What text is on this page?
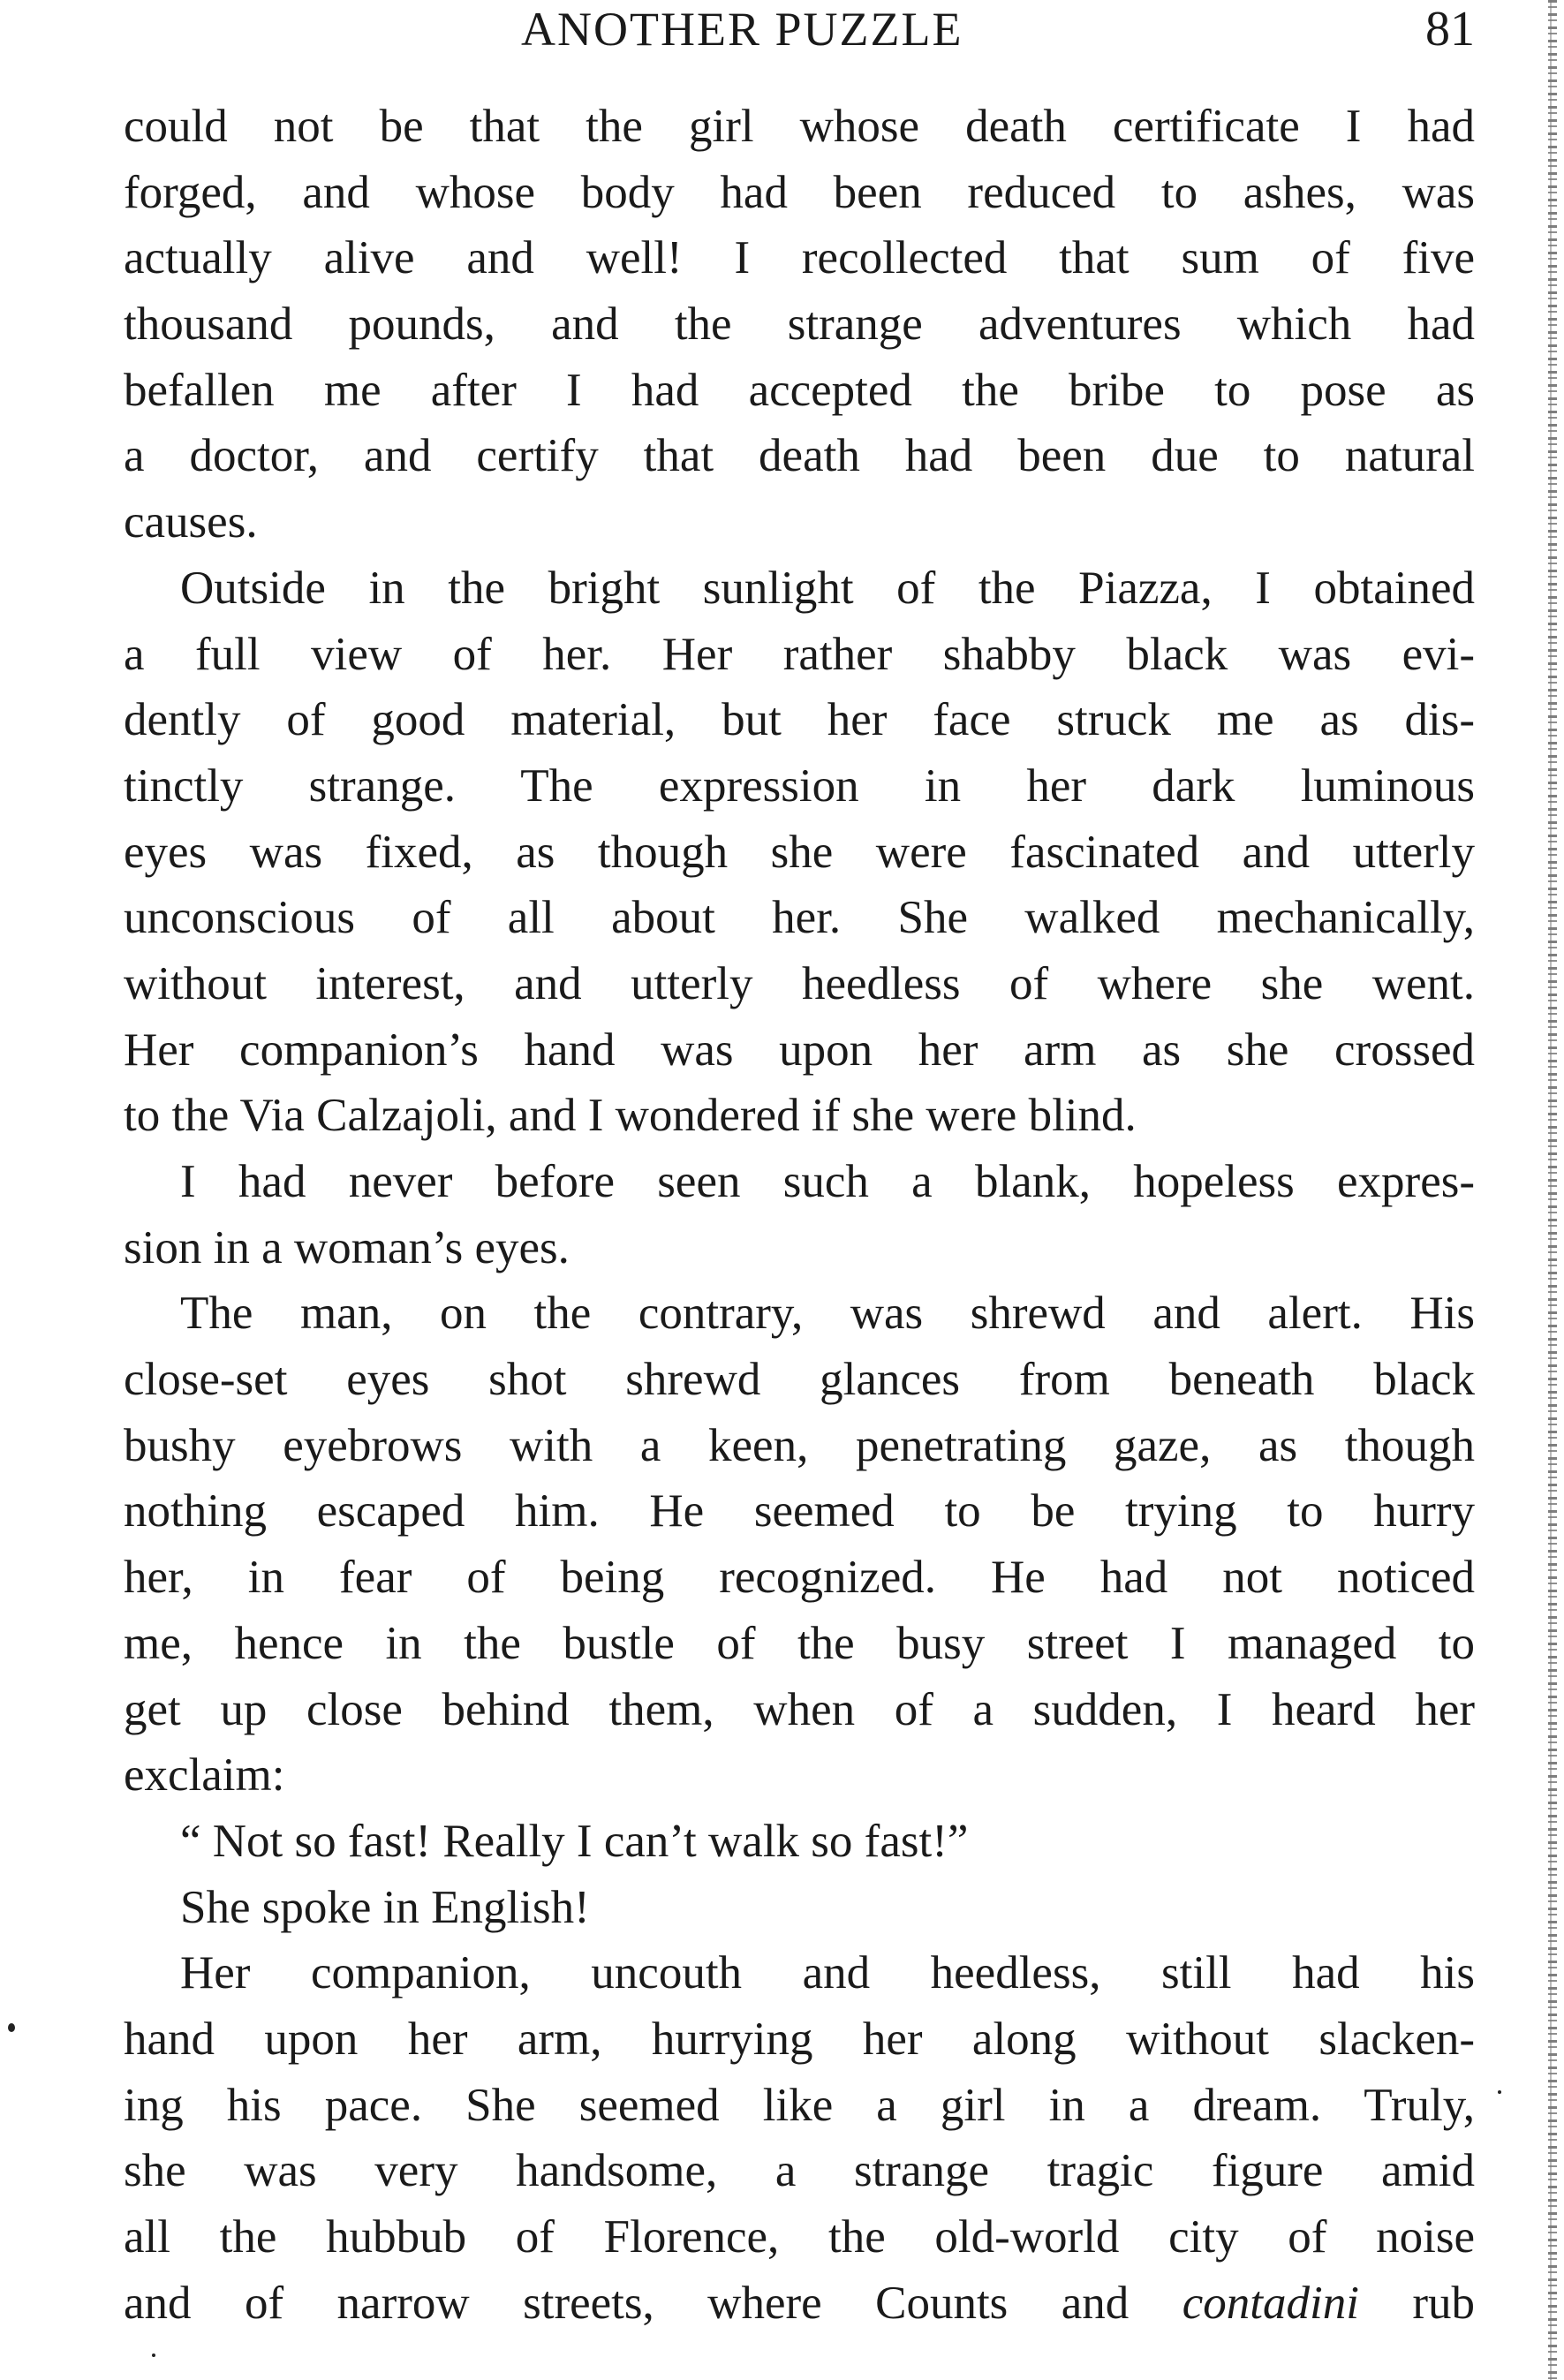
ANOTHER PUZZLE	81
could not be that the girl whose death certificate I had
forged, and whose body had been reduced to ashes, was
actually alive and well! I recollected that sum of five
thousand pounds, and the strange adventures which had
befallen me after I had accepted the bribe to pose as
a doctor, and certify that death had been due to natural
causes.
Outside in the bright sunlight of the Piazza, I obtained
a full view of her. Her rather shabby black was evi-
dently of good material, but her face struck me as dis-
tinctly strange. The expression in her dark luminous
eyes was fixed, as though she were fascinated and utterly
unconscious of all about her. She walked mechanically,
without interest, and utterly heedless of where she went.
Her companion’s hand was upon her arm as she crossed
to the Via Calzajoli, and I wondered if she were blind.
I had never before seen such a blank, hopeless expres-
sion in a woman’s eyes.
The man, on the contrary, was shrewd and alert. His
close-set eyes shot shrewd glances from beneath black
bushy eyebrows with a keen, penetrating gaze, as though
nothing escaped him. He seemed to be trying to hurry
her, in fear of being recognized. He had not noticed
me, hence in the bustle of the busy street I managed to
get up close behind them, when of a sudden, I heard her
exclaim:
“ Not so fast! Really I can’t walk so fast!”
She spoke in English!
Her companion, uncouth and heedless, still had his
hand upon her arm, hurrying her along without slacken-
ing his pace. She seemed like a girl in a dream. Truly,
she was very handsome, a strange tragic figure amid
all the hubbub of Florence, the old-world city of noise
and of narrow streets, where Counts and contadini rub
